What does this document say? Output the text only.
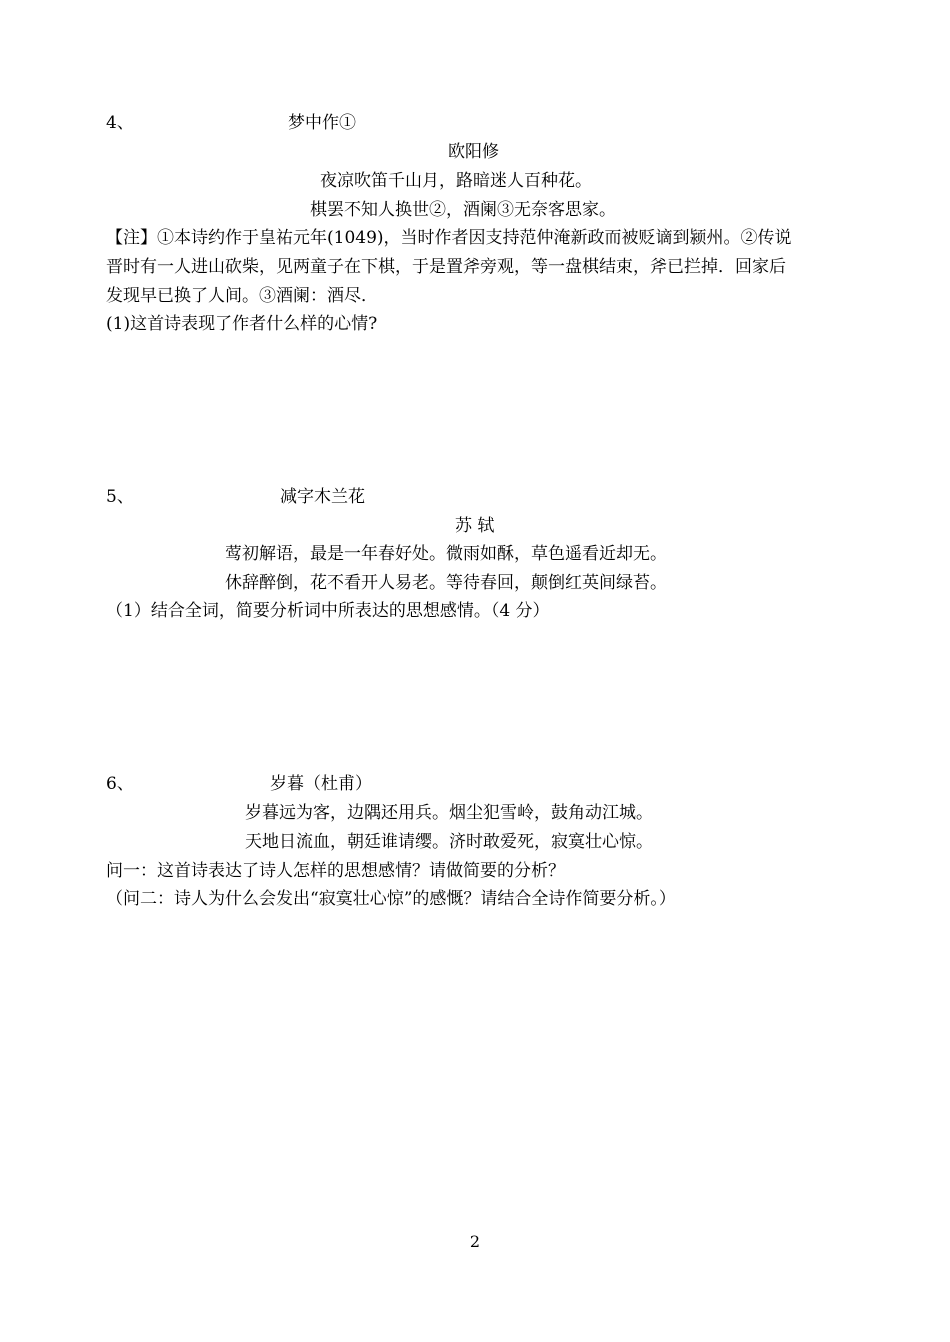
4、	梦中作①
欧阳修
夜凉吹笛千山月，路暗迷人百种花。
棋罢不知人换世②，酒阑③无奈客思家。
【注】①本诗约作于皇祐元年(1049)，当时作者因支持范仲淹新政而被贬谪到颍州。②传说
晋时有一人进山砍柴，见两童子在下棋，于是置斧旁观，等一盘棋结束，斧已拦掉．回家后
发现早已换了人间。③酒阑：酒尽．
(1)这首诗表现了作者什么样的心情?
5、	减字木兰花
苏 轼
莺初解语，最是一年春好处。微雨如酥，草色遥看近却无。
休辞醉倒，花不看开人易老。等待春回，颠倒红英间绿苔。
（1）结合全词，简要分析词中所表达的思想感情。（4 分）
6、	岁暮（杜甫）
岁暮远为客，边隅还用兵。烟尘犯雪岭，鼓角动江城。
天地日流血，朝廷谁请缨。济时敢爱死，寂寞壮心惊。
问一：这首诗表达了诗人怎样的思想感情？请做简要的分析？
（问二：诗人为什么会发出“寂寞壮心惊”的感慨？请结合全诗作简要分析。）
2
